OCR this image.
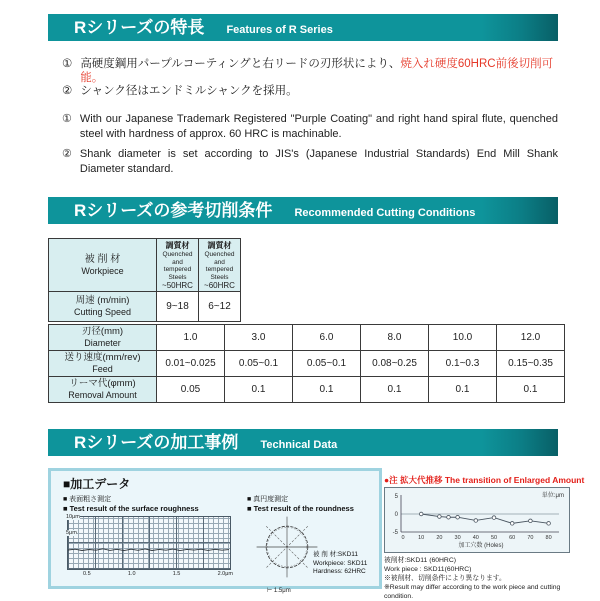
Rシリーズの特長 Features of R Series
① 高硬度鋼用パープルコーティングと右リードの刃形状により、焼入れ硬度60HRC前後切削可能。
② シャンク径はエンドミルシャンクを採用。
① With our Japanese Trademark Registered "Purple Coating" and right hand spiral flute, quenched steel with hardness of approx. 60 HRC is machinable.
② Shank diameter is set according to JIS's (Japanese Industrial Standards) End Mill Shank Diameter standard.
Rシリーズの参考切削条件 Recommended Cutting Conditions
被 削 材
Workpiece	調質材
Quenched and
tempered Steels
~50HRC	調質材
Quenched and
tempered Steels
~60HRC

周速 (m/min)
Cutting Speed	9~18	6~12
刃径(mm)
Diameter	1.0	3.0	6.0	8.0	10.0	12.0

送り速度(mm/rev)
Feed	0.01~0.025	0.05~0.1	0.05~0.1	0.08~0.25	0.1~0.3	0.15~0.35

リーマ代(φmm)
Removal Amount	0.05	0.1	0.1	0.1	0.1	0.1
Rシリーズの加工事例 Technical Data
■加工データ
■ 表面粗さ測定
■ Test result of the surface roughness
10μm
5μm
0.5	1.0	1.5	2.0μm
■ 真円度測定
■ Test result of the roundness
被 削 材:SKD11
Workpiece: SKD11
Hardness: 62HRC
⊢ 1.5μm
●注 拡大代推移 The transition of Enlarged Amount
単位:μm
5
0
-5
0 10 20 30 40 50 60 70 80
加工穴数 (Holes)
被削材:SKD11 (60HRC)
Work piece : SKD11(60HRC)
※被削材、切削条件により異なります。
※Result may differ according to the work piece and cutting condition.
